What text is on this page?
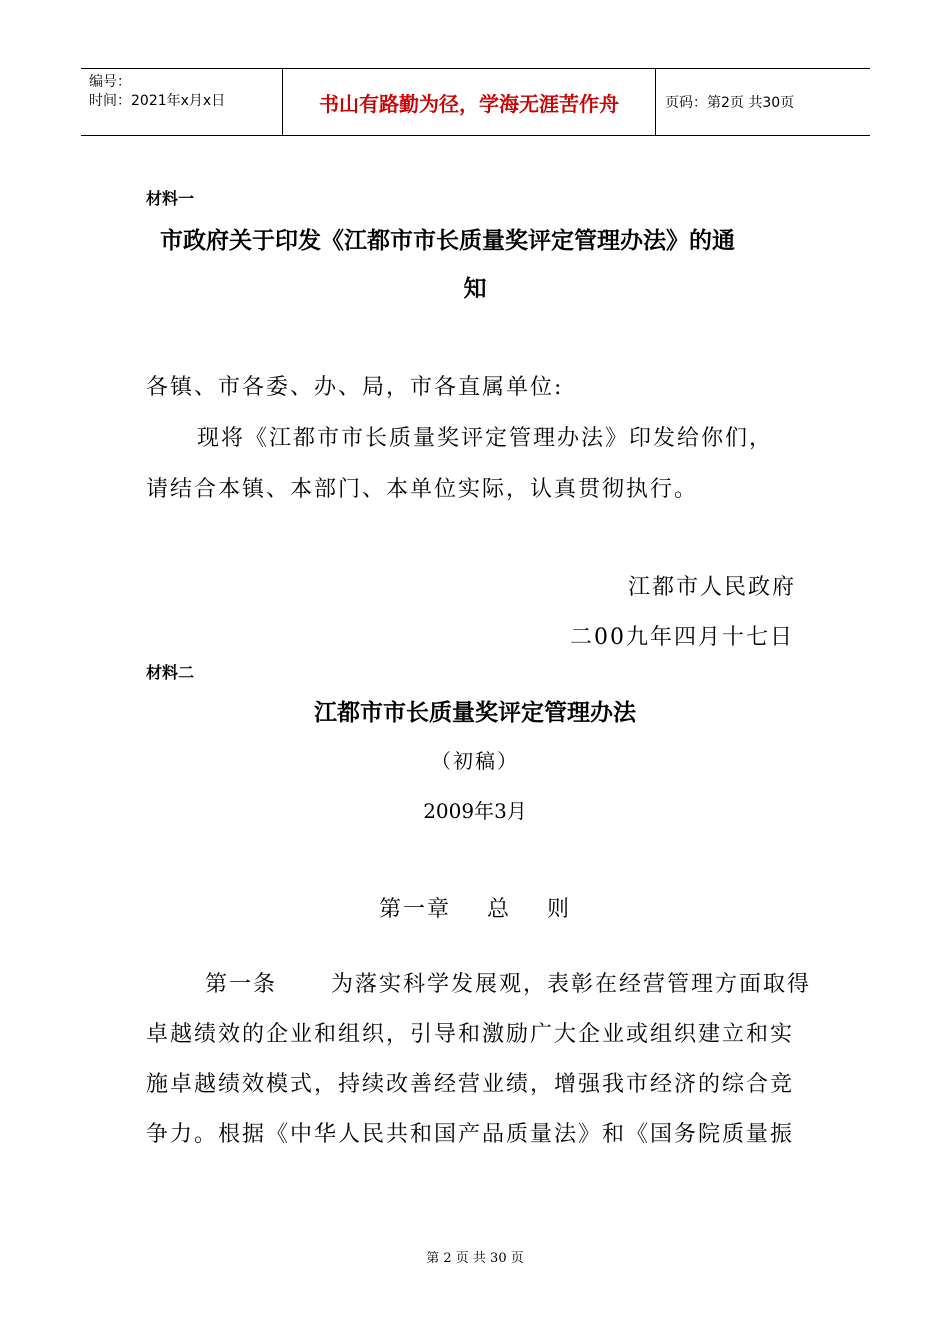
编号：
时间：2021年x月x日	书山有路勤为径，学海无涯苦作舟	页码：第2页 共30页
材料一
市政府关于印发《江都市市长质量奖评定管理办法》的通
知
各镇、市各委、办、局，市各直属单位:
现将《江都市市长质量奖评定管理办法》印发给你们，
请结合本镇、本部门、本单位实际，认真贯彻执行。
江都市人民政府
二00九年四月十七日
材料二
江都市市长质量奖评定管理办法
（初稿）
2009年3月
第一章    总    则
第一条      为落实科学发展观，表彰在经营管理方面取得
卓越绩效的企业和组织，引导和激励广大企业或组织建立和实
施卓越绩效模式，持续改善经营业绩，增强我市经济的综合竞
争力。根据《中华人民共和国产品质量法》和《国务院质量振
第 2 页 共 30 页
